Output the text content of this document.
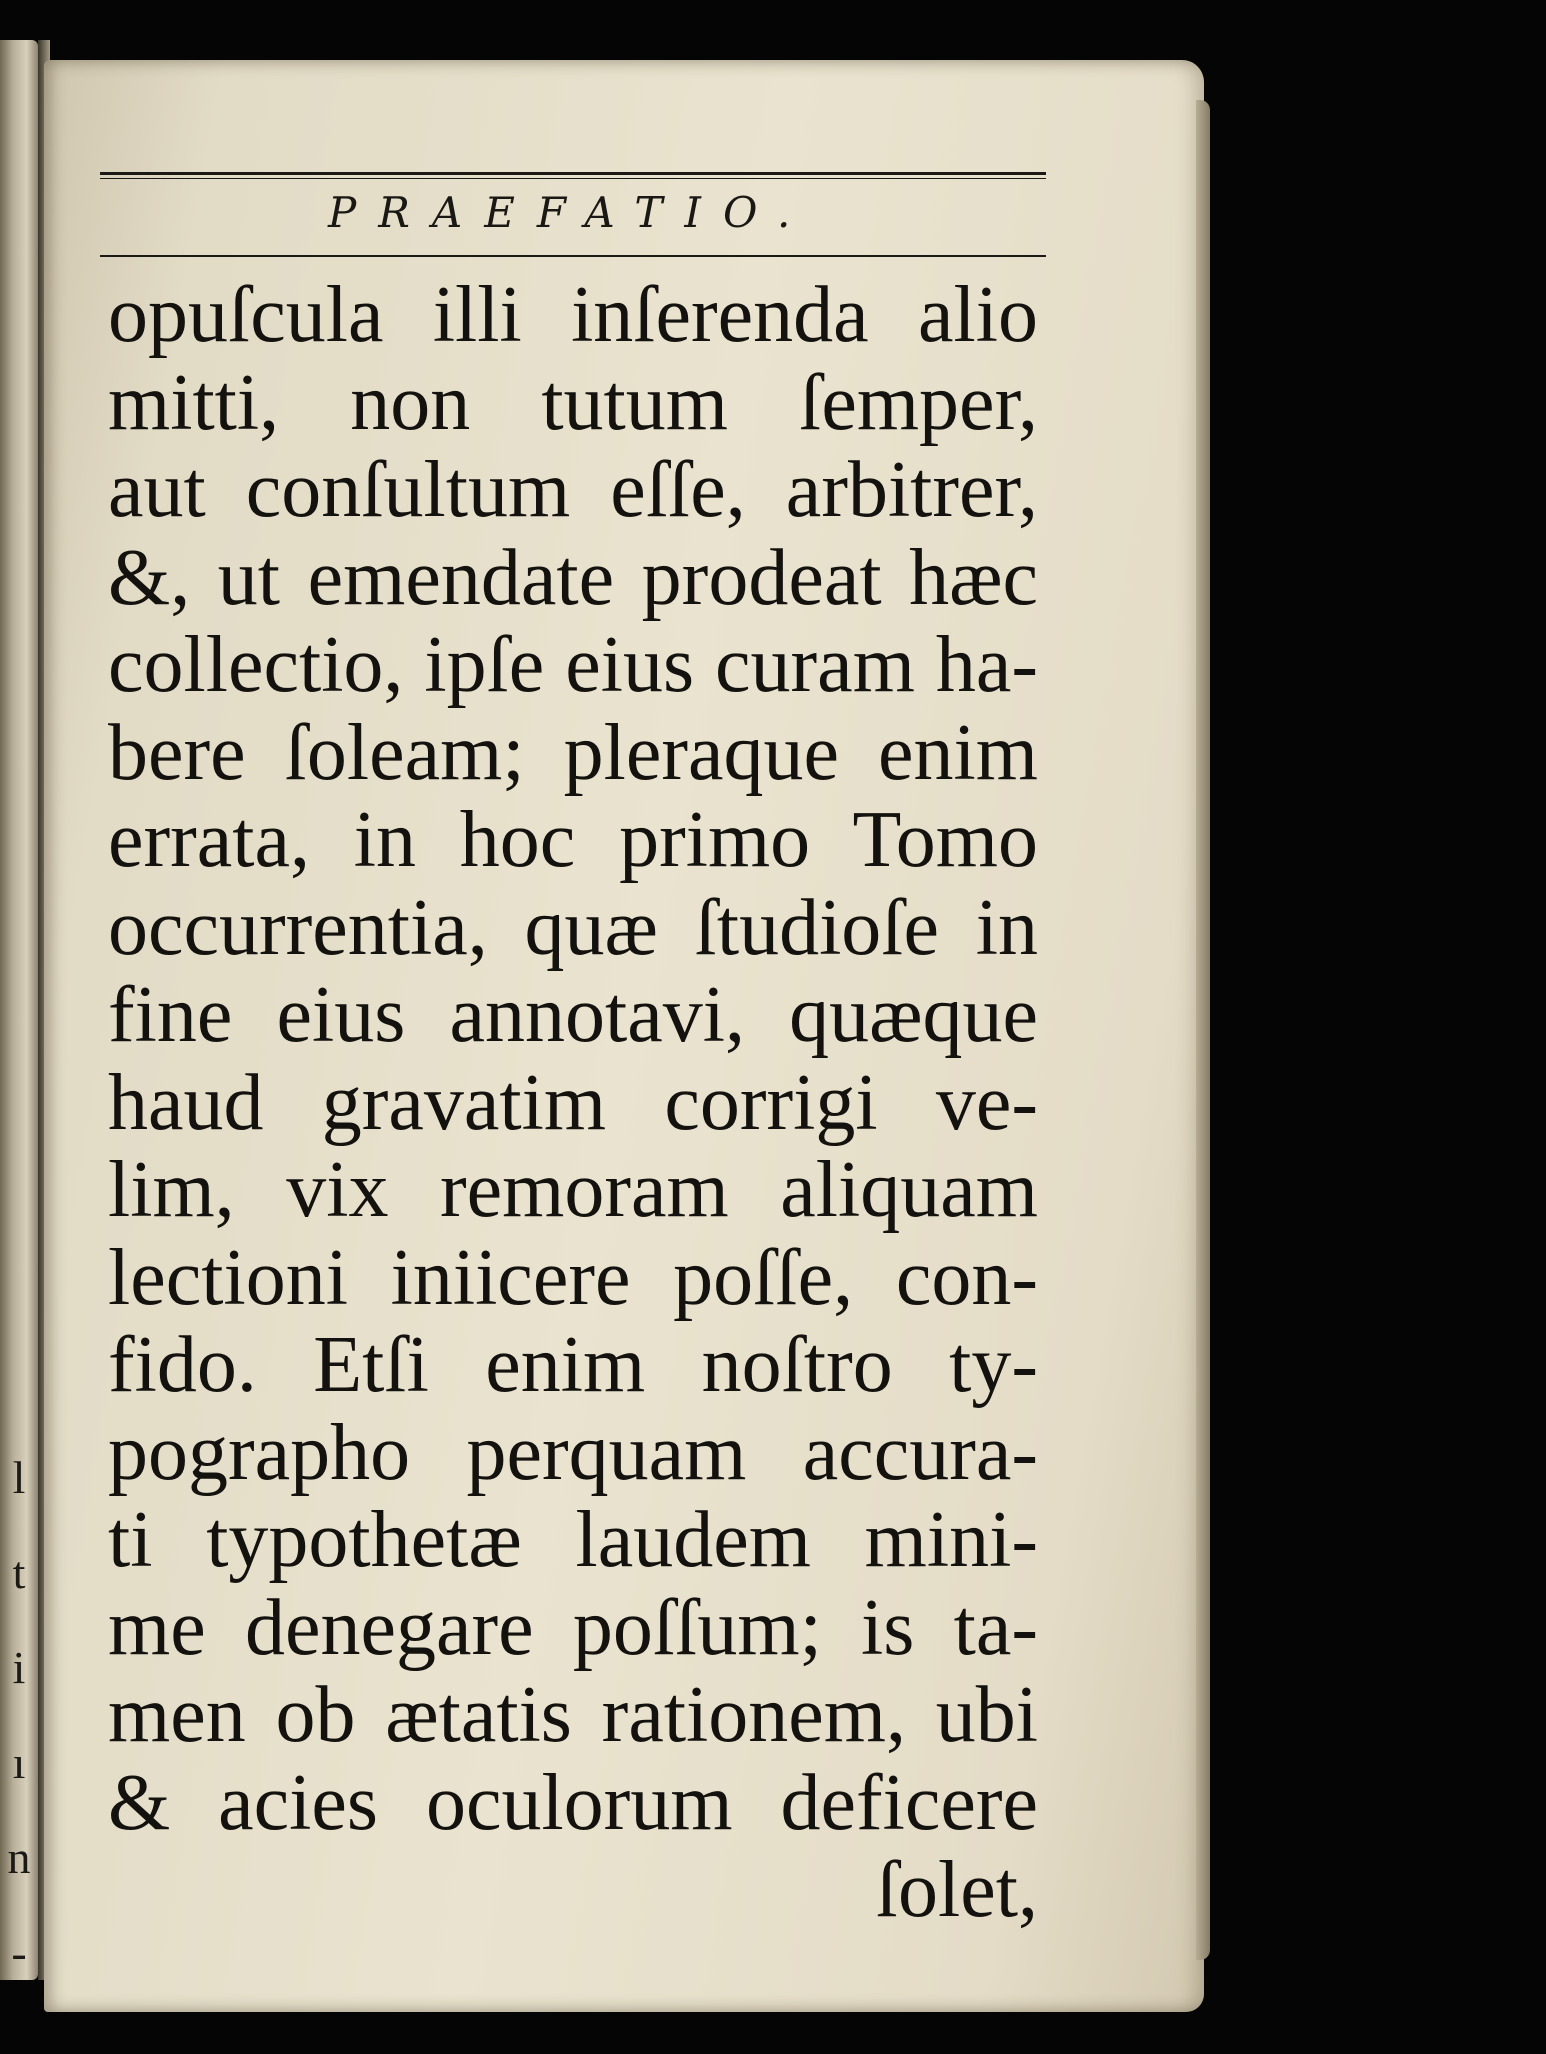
l
t
i
ı
n
-
PRAEFATIO.
opuſcula illi inſerenda alio
mitti, non tutum ſemper,
aut conſultum eſſe, arbitrer,
&, ut emendate prodeat hæc
collectio, ipſe eius curam ha-
bere ſoleam; pleraque enim
errata, in hoc primo Tomo
occurrentia, quæ ſtudioſe in
fine eius annotavi, quæque
haud gravatim corrigi ve-
lim, vix remoram aliquam
lectioni iniicere poſſe, con-
fido. Etſi enim noſtro ty-
pographo perquam accura-
ti typothetæ laudem mini-
me denegare poſſum; is ta-
men ob ætatis rationem, ubi
& acies oculorum deficere
ſolet,
